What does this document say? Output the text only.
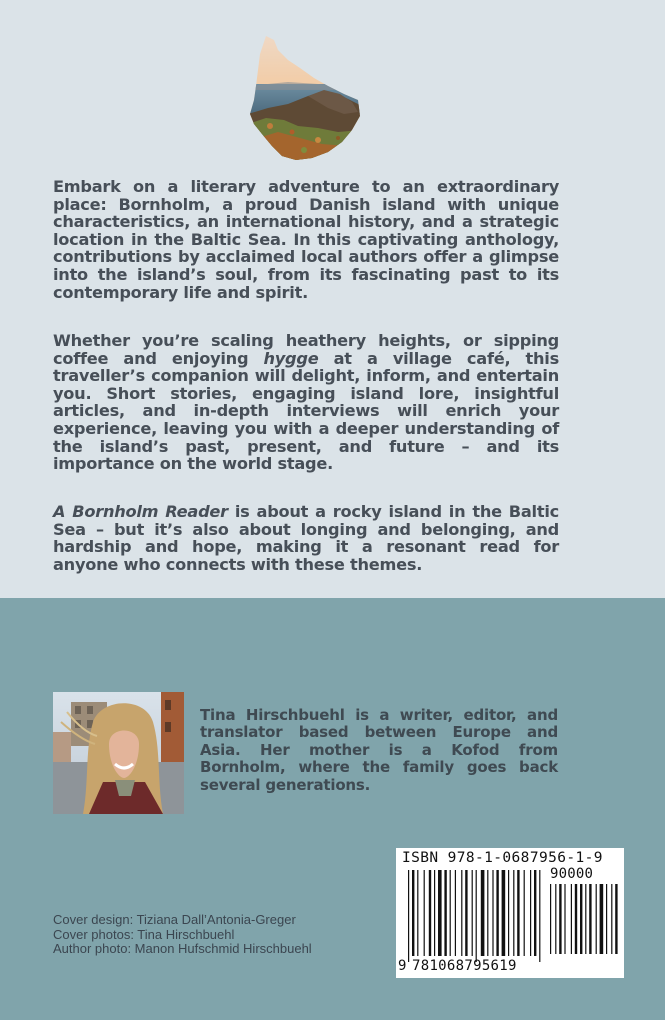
Embark on a literary adventure to an extraordinary place: Bornholm, a proud Danish island with unique characteristics, an international history, and a strategic location in the Baltic Sea. In this captivating anthology, contributions by acclaimed local authors offer a glimpse into the island’s soul, from its fascinating past to its contemporary life and spirit.
Whether you’re scaling heathery heights, or sipping coffee and enjoying hygge at a village café, this traveller’s companion will delight, inform, and entertain you. Short stories, engaging island lore, insightful articles, and in-depth interviews will enrich your experience, leaving you with a deeper understanding of the island’s past, present, and future – and its importance on the world stage.
A Bornholm Reader is about a rocky island in the Baltic Sea – but it’s also about longing and belonging, and hardship and hope, making it a resonant read for anyone who connects with these themes.
Tina Hirschbuehl is a writer, editor, and translator based between Europe and Asia. Her mother is a Kofod from Bornholm, where the family goes back several generations.
Cover design: Tiziana Dall’Antonia-Greger
Cover photos: Tina Hirschbuehl
Author photo: Manon Hufschmid Hirschbuehl
ISBN 978-1-0687956-1-9
90000
9 781068795619
